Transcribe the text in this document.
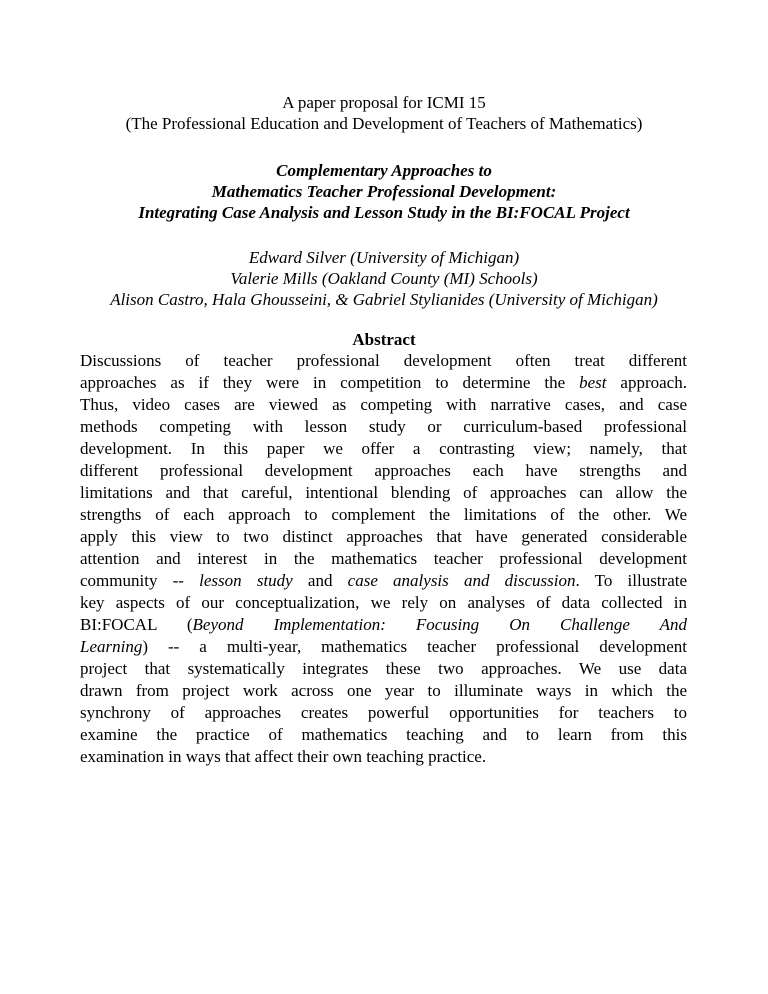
A paper proposal for ICMI 15
(The Professional Education and Development of Teachers of Mathematics)
Complementary Approaches to
Mathematics Teacher Professional Development:
Integrating Case Analysis and Lesson Study in the BI:FOCAL Project
Edward Silver (University of Michigan)
Valerie Mills (Oakland County (MI) Schools)
Alison Castro, Hala Ghousseini, & Gabriel Stylianides (University of Michigan)
Abstract
Discussions of teacher professional development often treat different
approaches as if they were in competition to determine the best approach.
Thus, video cases are viewed as competing with narrative cases, and case
methods competing with lesson study or curriculum-based professional
development. In this paper we offer a contrasting view; namely, that
different professional development approaches each have strengths and
limitations and that careful, intentional blending of approaches can allow the
strengths of each approach to complement the limitations of the other. We
apply this view to two distinct approaches that have generated considerable
attention and interest in the mathematics teacher professional development
community -- lesson study and case analysis and discussion. To illustrate
key aspects of our conceptualization, we rely on analyses of data collected in
BI:FOCAL (Beyond Implementation: Focusing On Challenge And
Learning) -- a multi-year, mathematics teacher professional development
project that systematically integrates these two approaches. We use data
drawn from project work across one year to illuminate ways in which the
synchrony of approaches creates powerful opportunities for teachers to
examine the practice of mathematics teaching and to learn from this
examination in ways that affect their own teaching practice.
